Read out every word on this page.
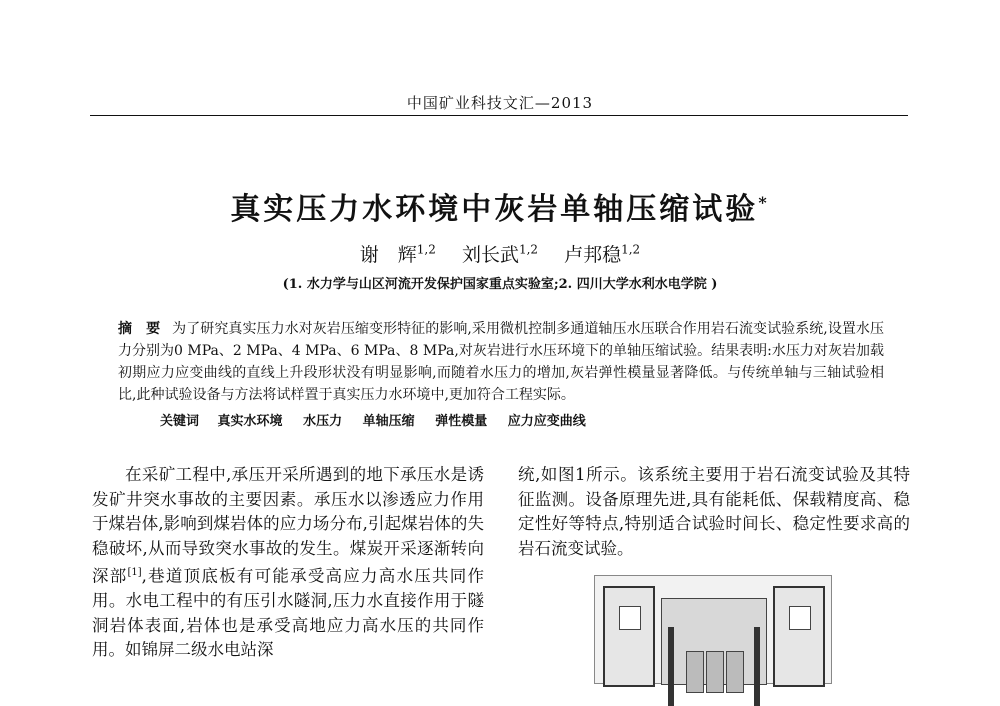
中国矿业科技文汇—2013
真实压力水环境中灰岩单轴压缩试验*
谢　辉$^{1,2}$ 刘长武$^{1,2}$ 卢邦稳$^{1,2}$
(1. 水力学与山区河流开发保护国家重点实验室;2. 四川大学水利水电学院 )
摘　要 为了研究真实压力水对灰岩压缩变形特征的影响,采用微机控制多通道轴压水压联合作用岩石流变试验系统,设置水压力分别为0 MPa、2 MPa、4 MPa、6 MPa、8 MPa,对灰岩进行水压环境下的单轴压缩试验。结果表明:水压力对灰岩加载初期应力应变曲线的直线上升段形状没有明显影响,而随着水压力的增加,灰岩弹性模量显著降低。与传统单轴与三轴试验相比,此种试验设备与方法将试样置于真实压力水环境中,更加符合工程实际。
关键词 真实水环境 水压力 单轴压缩 弹性模量 应力应变曲线
在采矿工程中,承压开采所遇到的地下承压水是诱发矿井突水事故的主要因素。承压水以渗透应力作用于煤岩体,影响到煤岩体的应力场分布,引起煤岩体的失稳破坏,从而导致突水事故的发生。煤炭开采逐渐转向深部[1],巷道顶底板有可能承受高应力高水压共同作用。水电工程中的有压引水隧洞,压力水直接作用于隧洞岩体表面,岩体也是承受高地应力高水压的共同作用。如锦屏二级水电站深
统,如图1所示。该系统主要用于岩石流变试验及其特征监测。设备原理先进,具有能耗低、保载精度高、稳定性好等特点,特别适合试验时间长、稳定性要求高的岩石流变试验。
